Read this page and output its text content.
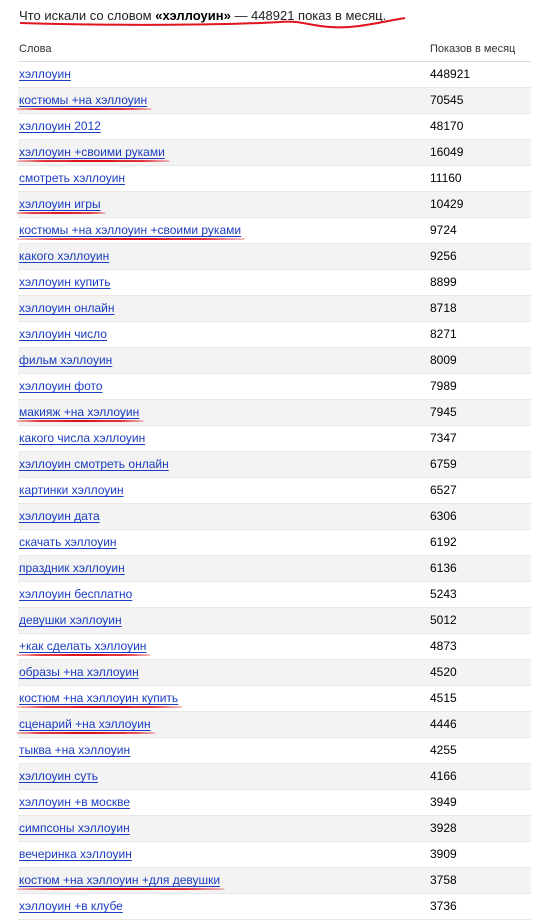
Что искали со словом «хэллоуин» — 448921 показ в месяц.
Слова	Показов в месяц
хэллоуин	448921
костюмы +на хэллоуин	70545
хэллоуин 2012	48170
хэллоуин +своими руками	16049
смотреть хэллоуин	11160
хэллоуин игры	10429
костюмы +на хэллоуин +своими руками	9724
какого хэллоуин	9256
хэллоуин купить	8899
хэллоуин онлайн	8718
хэллоуин число	8271
фильм хэллоуин	8009
хэллоуин фото	7989
макияж +на хэллоуин	7945
какого числа хэллоуин	7347
хэллоуин смотреть онлайн	6759
картинки хэллоуин	6527
хэллоуин дата	6306
скачать хэллоуин	6192
праздник хэллоуин	6136
хэллоуин бесплатно	5243
девушки хэллоуин	5012
+как сделать хэллоуин	4873
образы +на хэллоуин	4520
костюм +на хэллоуин купить	4515
сценарий +на хэллоуин	4446
тыква +на хэллоуин	4255
хэллоуин суть	4166
хэллоуин +в москве	3949
симпсоны хэллоуин	3928
вечеринка хэллоуин	3909
костюм +на хэллоуин +для девушки	3758
хэллоуин +в клубе	3736
